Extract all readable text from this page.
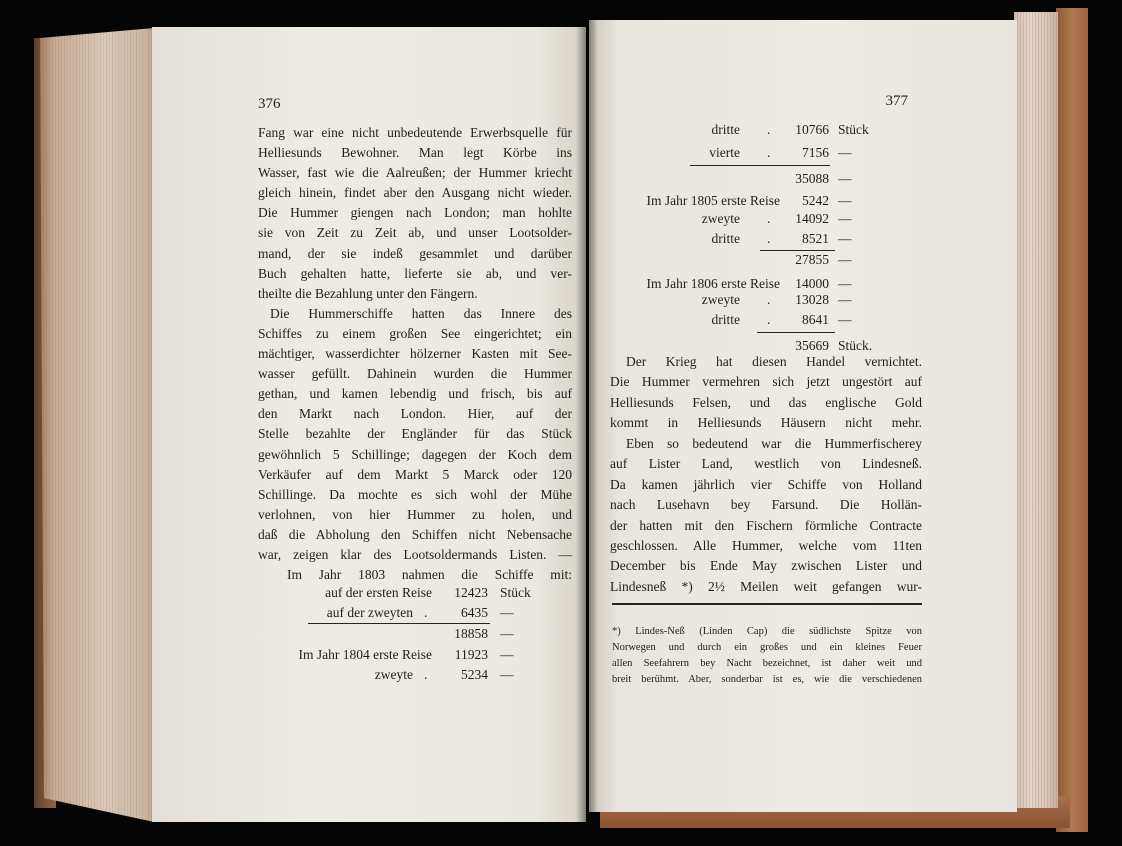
376
Fang war eine nicht unbedeutende Erwerbsquelle für
Helliesunds Bewohner. Man legt Körbe ins
Wasser, fast wie die Aalreußen; der Hummer kriecht
gleich hinein, findet aber den Ausgang nicht wieder.
Die Hummer giengen nach London; man hohlte
sie von Zeit zu Zeit ab, und unser Lootsolder-
mand, der sie indeß gesammlet und darüber
Buch gehalten hatte, lieferte sie ab, und ver-
theilte die Bezahlung unter den Fängern.
Die Hummerschiffe hatten das Innere des
Schiffes zu einem großen See eingerichtet; ein
mächtiger, wasserdichter hölzerner Kasten mit See-
wasser gefüllt. Dahinein wurden die Hummer
gethan, und kamen lebendig und frisch, bis auf
den Markt nach London. Hier, auf der
Stelle bezahlte der Engländer für das Stück
gewöhnlich 5 Schillinge; dagegen der Koch dem
Verkäufer auf dem Markt 5 Marck oder 120
Schillinge. Da mochte es sich wohl der Mühe
verlohnen, von hier Hummer zu holen, und
daß die Abholung den Schiffen nicht Nebensache
war, zeigen klar des Lootsoldermands Listen. —
Im Jahr 1803 nahmen die Schiffe mit:
auf der ersten Reise 12423 Stück
auf der zweyten . 6435 —
18858 —
Im Jahr 1804 erste Reise 11923 —
zweyte . 5234 —
377
dritte . 10766 Stück
vierte . 7156 —
35088 —
Im Jahr 1805 erste Reise 5242 —
zweyte . 14092 —
dritte . 8521 —
27855 —
Im Jahr 1806 erste Reise 14000 —
zweyte . 13028 —
dritte . 8641 —
35669 Stück.
Der Krieg hat diesen Handel vernichtet.
Die Hummer vermehren sich jetzt ungestört auf
Helliesunds Felsen, und das englische Gold
kommt in Helliesunds Häusern nicht mehr.
Eben so bedeutend war die Hummerfischerey
auf Lister Land, westlich von Lindesneß.
Da kamen jährlich vier Schiffe von Holland
nach Lusehavn bey Farsund. Die Hollän-
der hatten mit den Fischern förmliche Contracte
geschlossen. Alle Hummer, welche vom 11ten
December bis Ende May zwischen Lister und
Lindesneß *) 2½ Meilen weit gefangen wur-
*) Lindes-Neß (Linden Cap) die südlichste Spitze von
Norwegen und durch ein großes und ein kleines Feuer
allen Seefahrern bey Nacht bezeichnet, ist daher weit und
breit berühmt. Aber, sonderbar ist es, wie die verschiedenen
